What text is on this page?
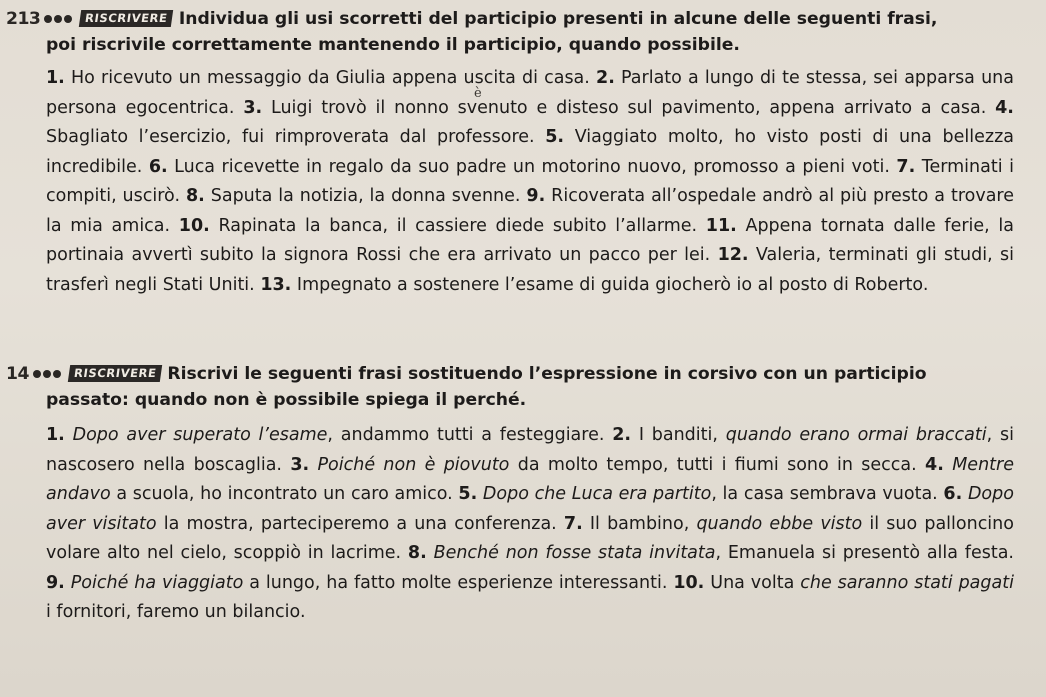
213	RISCRIVERE Individua gli usi scorretti del participio presenti in alcune delle seguenti frasi,
poi riscrivile correttamente mantenendo il participio, quando possibile.
è
1. Ho ricevuto un messaggio da Giulia appena uscita di casa. 2. Parlato a lungo di te stessa, sei apparsa una persona egocentrica. 3. Luigi trovò il nonno svenuto e disteso sul pavimento, appena arrivato a casa. 4. Sbagliato l’esercizio, fui rimproverata dal professore. 5. Viaggiato molto, ho visto posti di una bellezza incredibile. 6. Luca ricevette in regalo da suo padre un motorino nuovo, promosso a pieni voti. 7. Terminati i compiti, uscirò. 8. Saputa la notizia, la donna svenne. 9. Ricoverata all’ospedale andrò al più presto a trovare la mia amica. 10. Rapinata la banca, il cassiere diede subito l’allarme. 11. Appena tornata dalle ferie, la portinaia avvertì subito la signora Rossi che era arrivato un pacco per lei. 12. Valeria, terminati gli studi, si trasferì negli Stati Uniti. 13. Impegnato a sostenere l’esame di guida giocherò io al posto di Roberto.
14	RISCRIVERE Riscrivi le seguenti frasi sostituendo l’espressione in corsivo con un participio
passato: quando non è possibile spiega il perché.
1. Dopo aver superato l’esame, andammo tutti a festeggiare. 2. I banditi, quando erano ormai braccati, si nascosero nella boscaglia. 3. Poiché non è piovuto da molto tempo, tutti i fiumi sono in secca. 4. Mentre andavo a scuola, ho incontrato un caro amico. 5. Dopo che Luca era partito, la casa sembrava vuota. 6. Dopo aver visitato la mostra, parteciperemo a una conferenza. 7. Il bambino, quando ebbe visto il suo palloncino volare alto nel cielo, scoppiò in lacrime. 8. Benché non fosse stata invitata, Emanuela si presentò alla festa. 9. Poiché ha viaggiato a lungo, ha fatto molte esperienze interessanti. 10. Una volta che saranno stati pagati i fornitori, faremo un bilancio.
